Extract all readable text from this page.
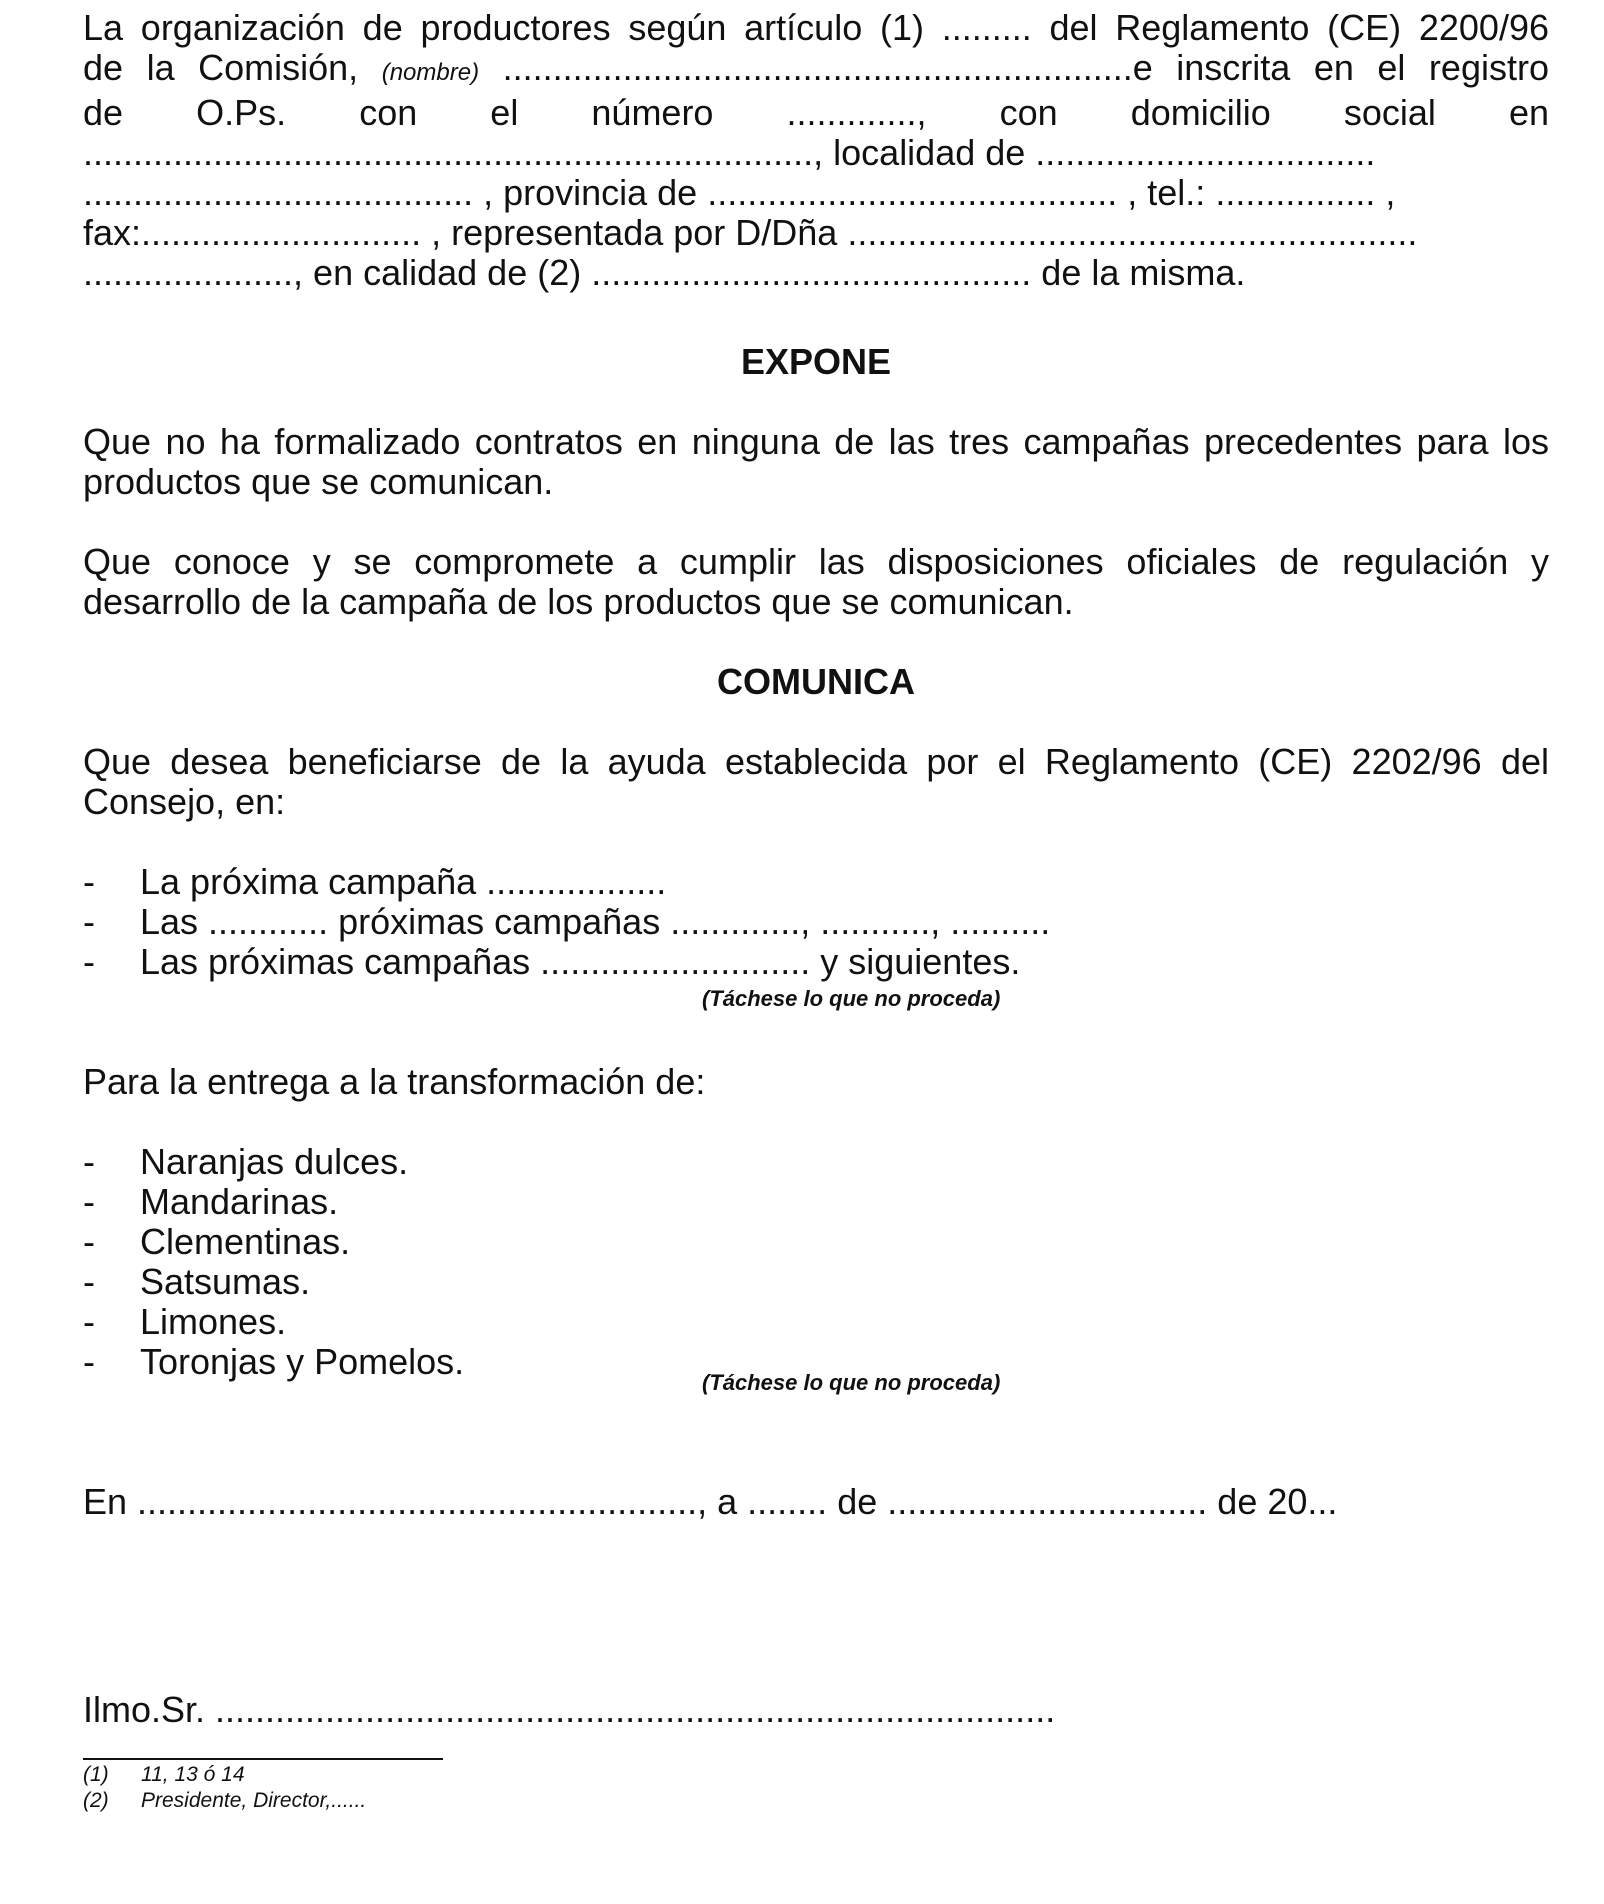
La organización de productores según artículo (1) ......... del Reglamento (CE) 2200/96
de la Comisión, (nombre) ...............................................................e inscrita en el registro
de O.Ps. con el número ............., con domicilio social en
........................................................................., localidad de ..................................
....................................... , provincia de ......................................... , tel.: ................ ,
fax:............................ , representada por D/Dña .........................................................
....................., en calidad de (2) ............................................ de la misma.
EXPONE
Que no ha formalizado contratos en ninguna de las tres campañas precedentes para los productos que se comunican.
Que conoce y se compromete a cumplir las disposiciones oficiales de regulación y desarrollo de la campaña de los productos que se comunican.
COMUNICA
Que desea beneficiarse de la ayuda establecida por el Reglamento (CE) 2202/96 del Consejo, en:
- La próxima campaña ..................
- Las ............ próximas campañas ............., ..........., ..........
- Las próximas campañas ........................... y siguientes.
(Táchese lo que no proceda)
Para la entrega a la transformación de:
- Naranjas dulces.
- Mandarinas.
- Clementinas.
- Satsumas.
- Limones.
- Toronjas y Pomelos.
(Táchese lo que no proceda)
En ........................................................, a ........ de ................................ de 20...
Ilmo.Sr. ....................................................................................
(1) 11, 13 ó 14
(2) Presidente, Director,......
